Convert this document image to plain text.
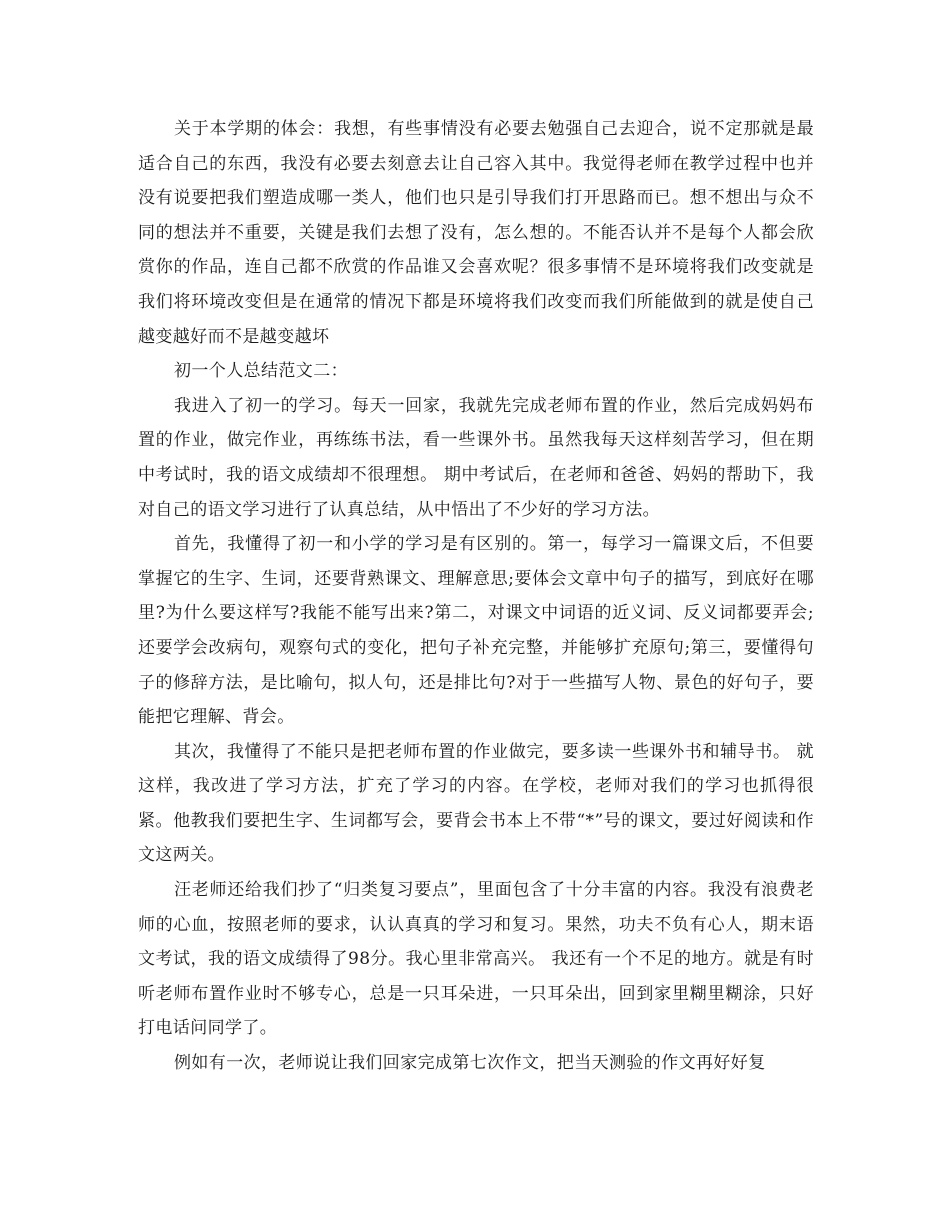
关于本学期的体会：我想，有些事情没有必要去勉强自己去迎合，说不定那就是最适合自己的东西，我没有必要去刻意去让自己容入其中。我觉得老师在教学过程中也并没有说要把我们塑造成哪一类人，他们也只是引导我们打开思路而已。想不想出与众不同的想法并不重要，关键是我们去想了没有，怎么想的。不能否认并不是每个人都会欣赏你的作品，连自己都不欣赏的作品谁又会喜欢呢？很多事情不是环境将我们改变就是我们将环境改变但是在通常的情况下都是环境将我们改变而我们所能做到的就是使自己越变越好而不是越变越坏

初一个人总结范文二：

我进入了初一的学习。每天一回家，我就先完成老师布置的作业，然后完成妈妈布置的作业，做完作业，再练练书法，看一些课外书。虽然我每天这样刻苦学习，但在期中考试时，我的语文成绩却不很理想。 期中考试后，在老师和爸爸、妈妈的帮助下，我对自己的语文学习进行了认真总结，从中悟出了不少好的学习方法。

首先，我懂得了初一和小学的学习是有区别的。第一，每学习一篇课文后，不但要掌握它的生字、生词，还要背熟课文、理解意思;要体会文章中句子的描写，到底好在哪里?为什么要这样写?我能不能写出来?第二，对课文中词语的近义词、反义词都要弄会;还要学会改病句，观察句式的变化，把句子补充完整，并能够扩充原句;第三，要懂得句子的修辞方法，是比喻句，拟人句，还是排比句?对于一些描写人物、景色的好句子，要能把它理解、背会。

其次，我懂得了不能只是把老师布置的作业做完，要多读一些课外书和辅导书。 就这样，我改进了学习方法，扩充了学习的内容。在学校，老师对我们的学习也抓得很紧。他教我们要把生字、生词都写会，要背会书本上不带“*”号的课文，要过好阅读和作文这两关。

汪老师还给我们抄了“归类复习要点”，里面包含了十分丰富的内容。我没有浪费老师的心血，按照老师的要求，认认真真的学习和复习。果然，功夫不负有心人，期末语文考试，我的语文成绩得了98分。我心里非常高兴。 我还有一个不足的地方。就是有时听老师布置作业时不够专心，总是一只耳朵进，一只耳朵出，回到家里糊里糊涂，只好打电话问同学了。

例如有一次，老师说让我们回家完成第七次作文，把当天测验的作文再好好复
